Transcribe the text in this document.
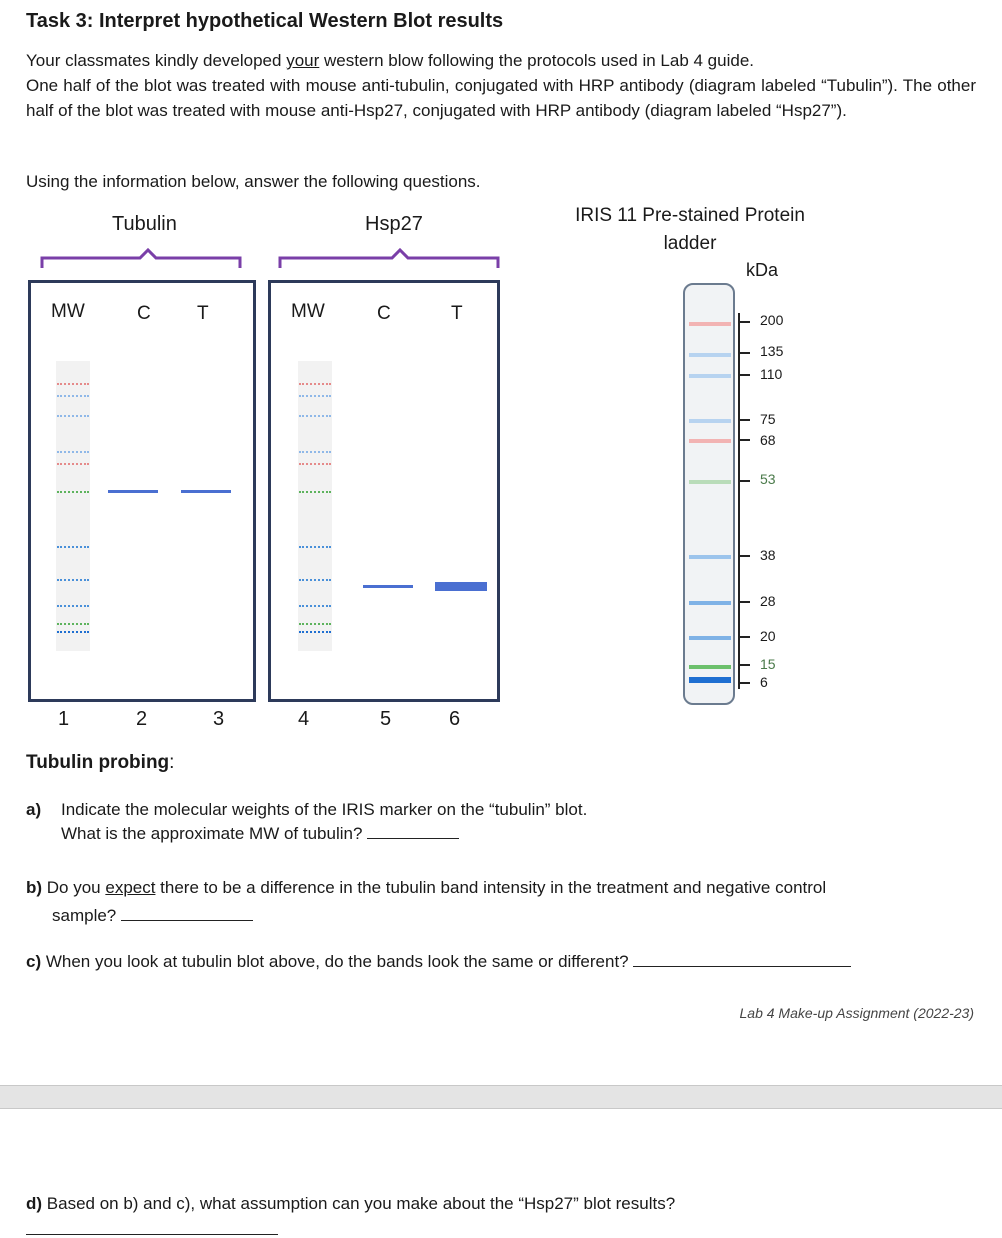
Task 3: Interpret hypothetical Western Blot results
Your classmates kindly developed your western blow following the protocols used in Lab 4 guide.
One half of the blot was treated with mouse anti-tubulin, conjugated with HRP antibody (diagram labeled “Tubulin”). The other half of the blot was treated with mouse anti-Hsp27, conjugated with HRP antibody (diagram labeled “Hsp27”).
Using the information below, answer the following questions.
Tubulin	Hsp27
MW	C T	MW	C	T
1	2	3	4	5	6
IRIS 11 Pre-stained Protein
ladder
kDa
200
135
110
75
68
53
38
28
20
15
6
Tubulin probing:
a) Indicate the molecular weights of the IRIS marker on the “tubulin” blot.
What is the approximate MW of tubulin?
b) Do you expect there to be a difference in the tubulin band intensity in the treatment and negative control
sample?
c) When you look at tubulin blot above, do the bands look the same or different?
Lab 4 Make-up Assignment (2022-23)
d) Based on b) and c), what assumption can you make about the “Hsp27” blot results?
